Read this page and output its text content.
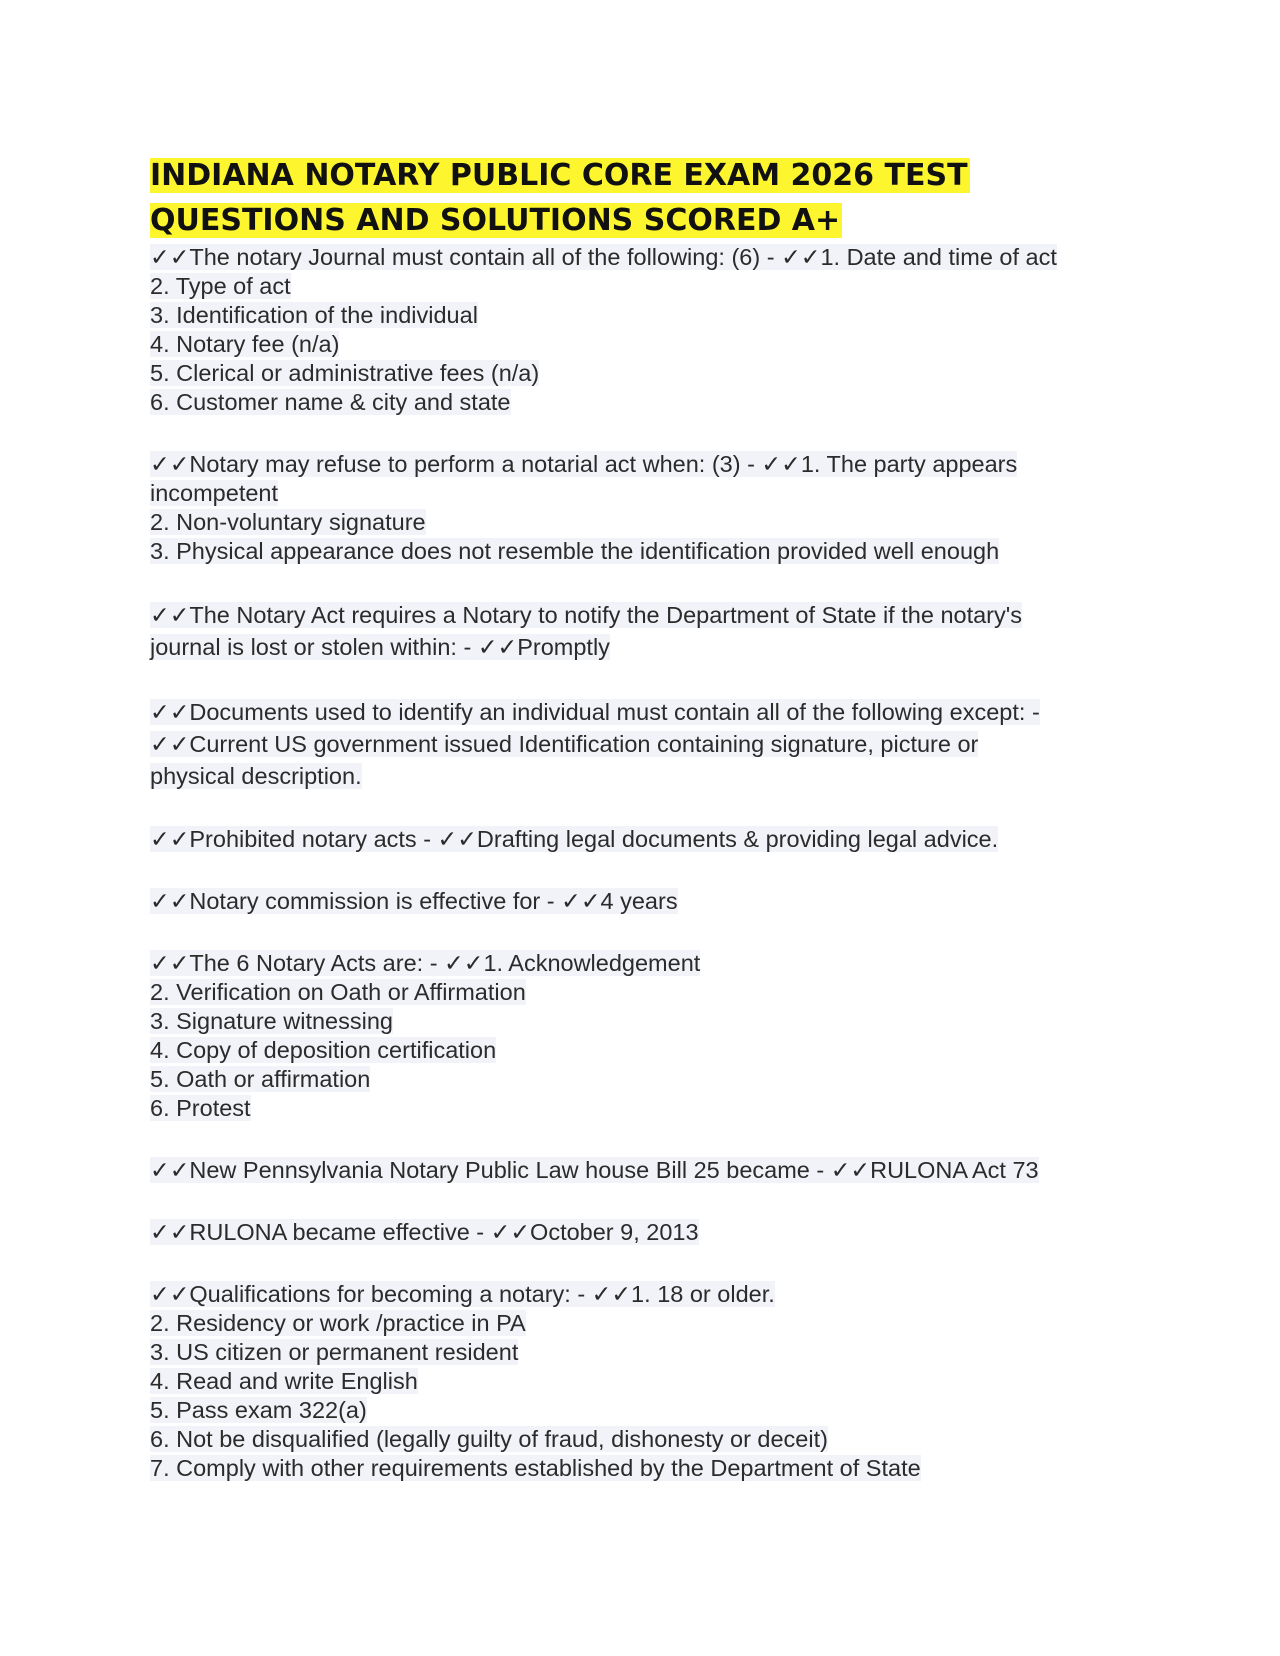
INDIANA NOTARY PUBLIC CORE EXAM 2026 TEST
QUESTIONS AND SOLUTIONS SCORED A+
✓✓The notary Journal must contain all of the following: (6) - ✓✓1. Date and time of act
2. Type of act
3. Identification of the individual
4. Notary fee (n/a)
5. Clerical or administrative fees (n/a)
6. Customer name & city and state
✓✓Notary may refuse to perform a notarial act when: (3) - ✓✓1. The party appears
incompetent
2. Non-voluntary signature
3. Physical appearance does not resemble the identification provided well enough
✓✓The Notary Act requires a Notary to notify the Department of State if the notary's
journal is lost or stolen within: - ✓✓Promptly
✓✓Documents used to identify an individual must contain all of the following except: -
✓✓Current US government issued Identification containing signature, picture or
physical description.
✓✓Prohibited notary acts - ✓✓Drafting legal documents & providing legal advice.
✓✓Notary commission is effective for - ✓✓4 years
✓✓The 6 Notary Acts are: - ✓✓1. Acknowledgement
2. Verification on Oath or Affirmation
3. Signature witnessing
4. Copy of deposition certification
5. Oath or affirmation
6. Protest
✓✓New Pennsylvania Notary Public Law house Bill 25 became - ✓✓RULONA Act 73
✓✓RULONA became effective - ✓✓October 9, 2013
✓✓Qualifications for becoming a notary: - ✓✓1. 18 or older.
2. Residency or work /practice in PA
3. US citizen or permanent resident
4. Read and write English
5. Pass exam 322(a)
6. Not be disqualified (legally guilty of fraud, dishonesty or deceit)
7. Comply with other requirements established by the Department of State
